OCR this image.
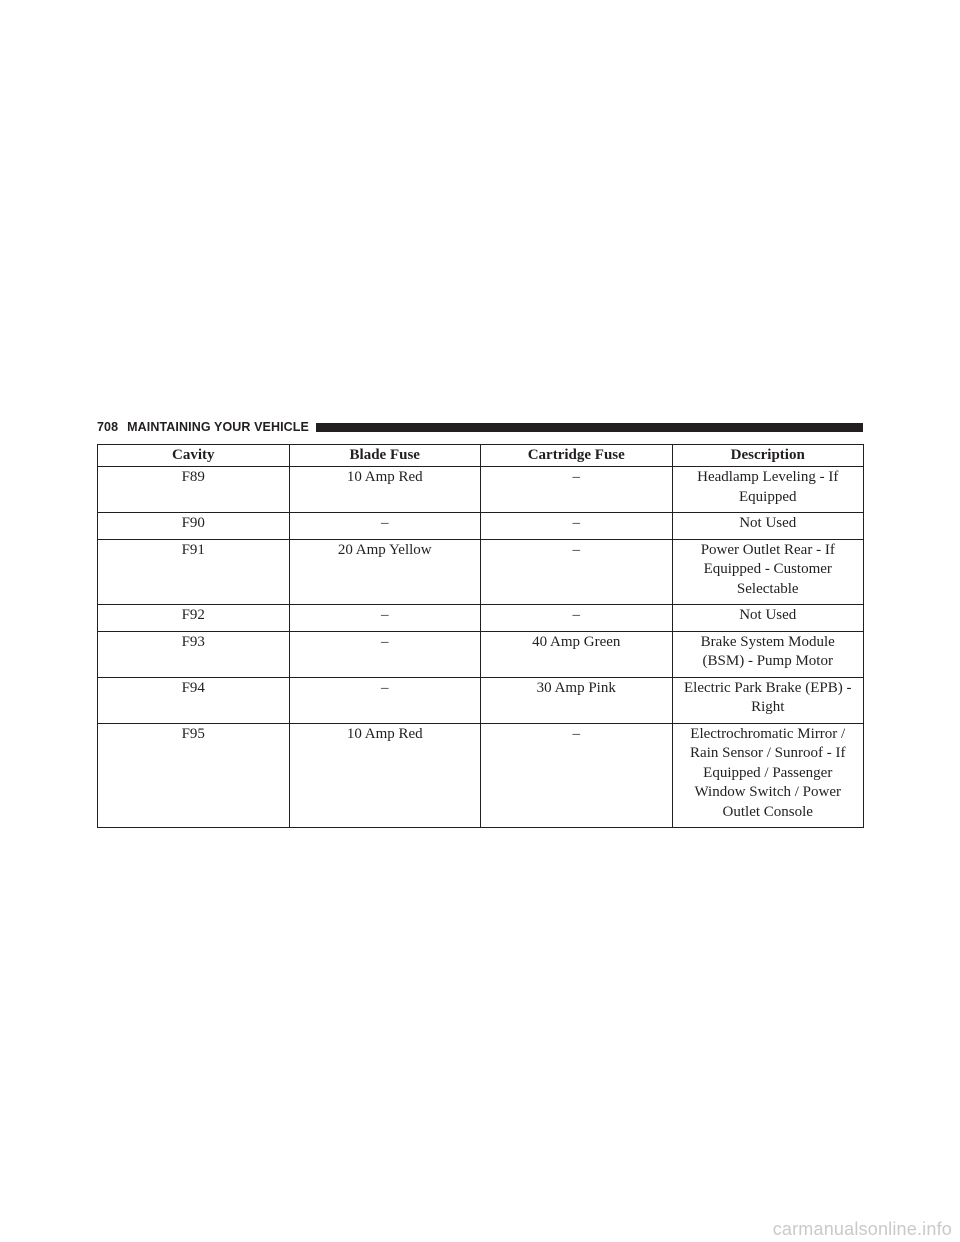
708 MAINTAINING YOUR VEHICLE
Cavity	Blade Fuse	Cartridge Fuse	Description
F89	10 Amp Red	–	Headlamp Leveling - If Equipped
F90	–	–	Not Used
F91	20 Amp Yellow	–	Power Outlet Rear - If Equipped - Customer Selectable
F92	–	–	Not Used
F93	–	40 Amp Green	Brake System Module (BSM) - Pump Motor
F94	–	30 Amp Pink	Electric Park Brake (EPB) - Right
F95	10 Amp Red	–	Electrochromatic Mirror / Rain Sensor / Sunroof - If Equipped / Passenger Window Switch / Power Outlet Console
carmanualsonline.info
